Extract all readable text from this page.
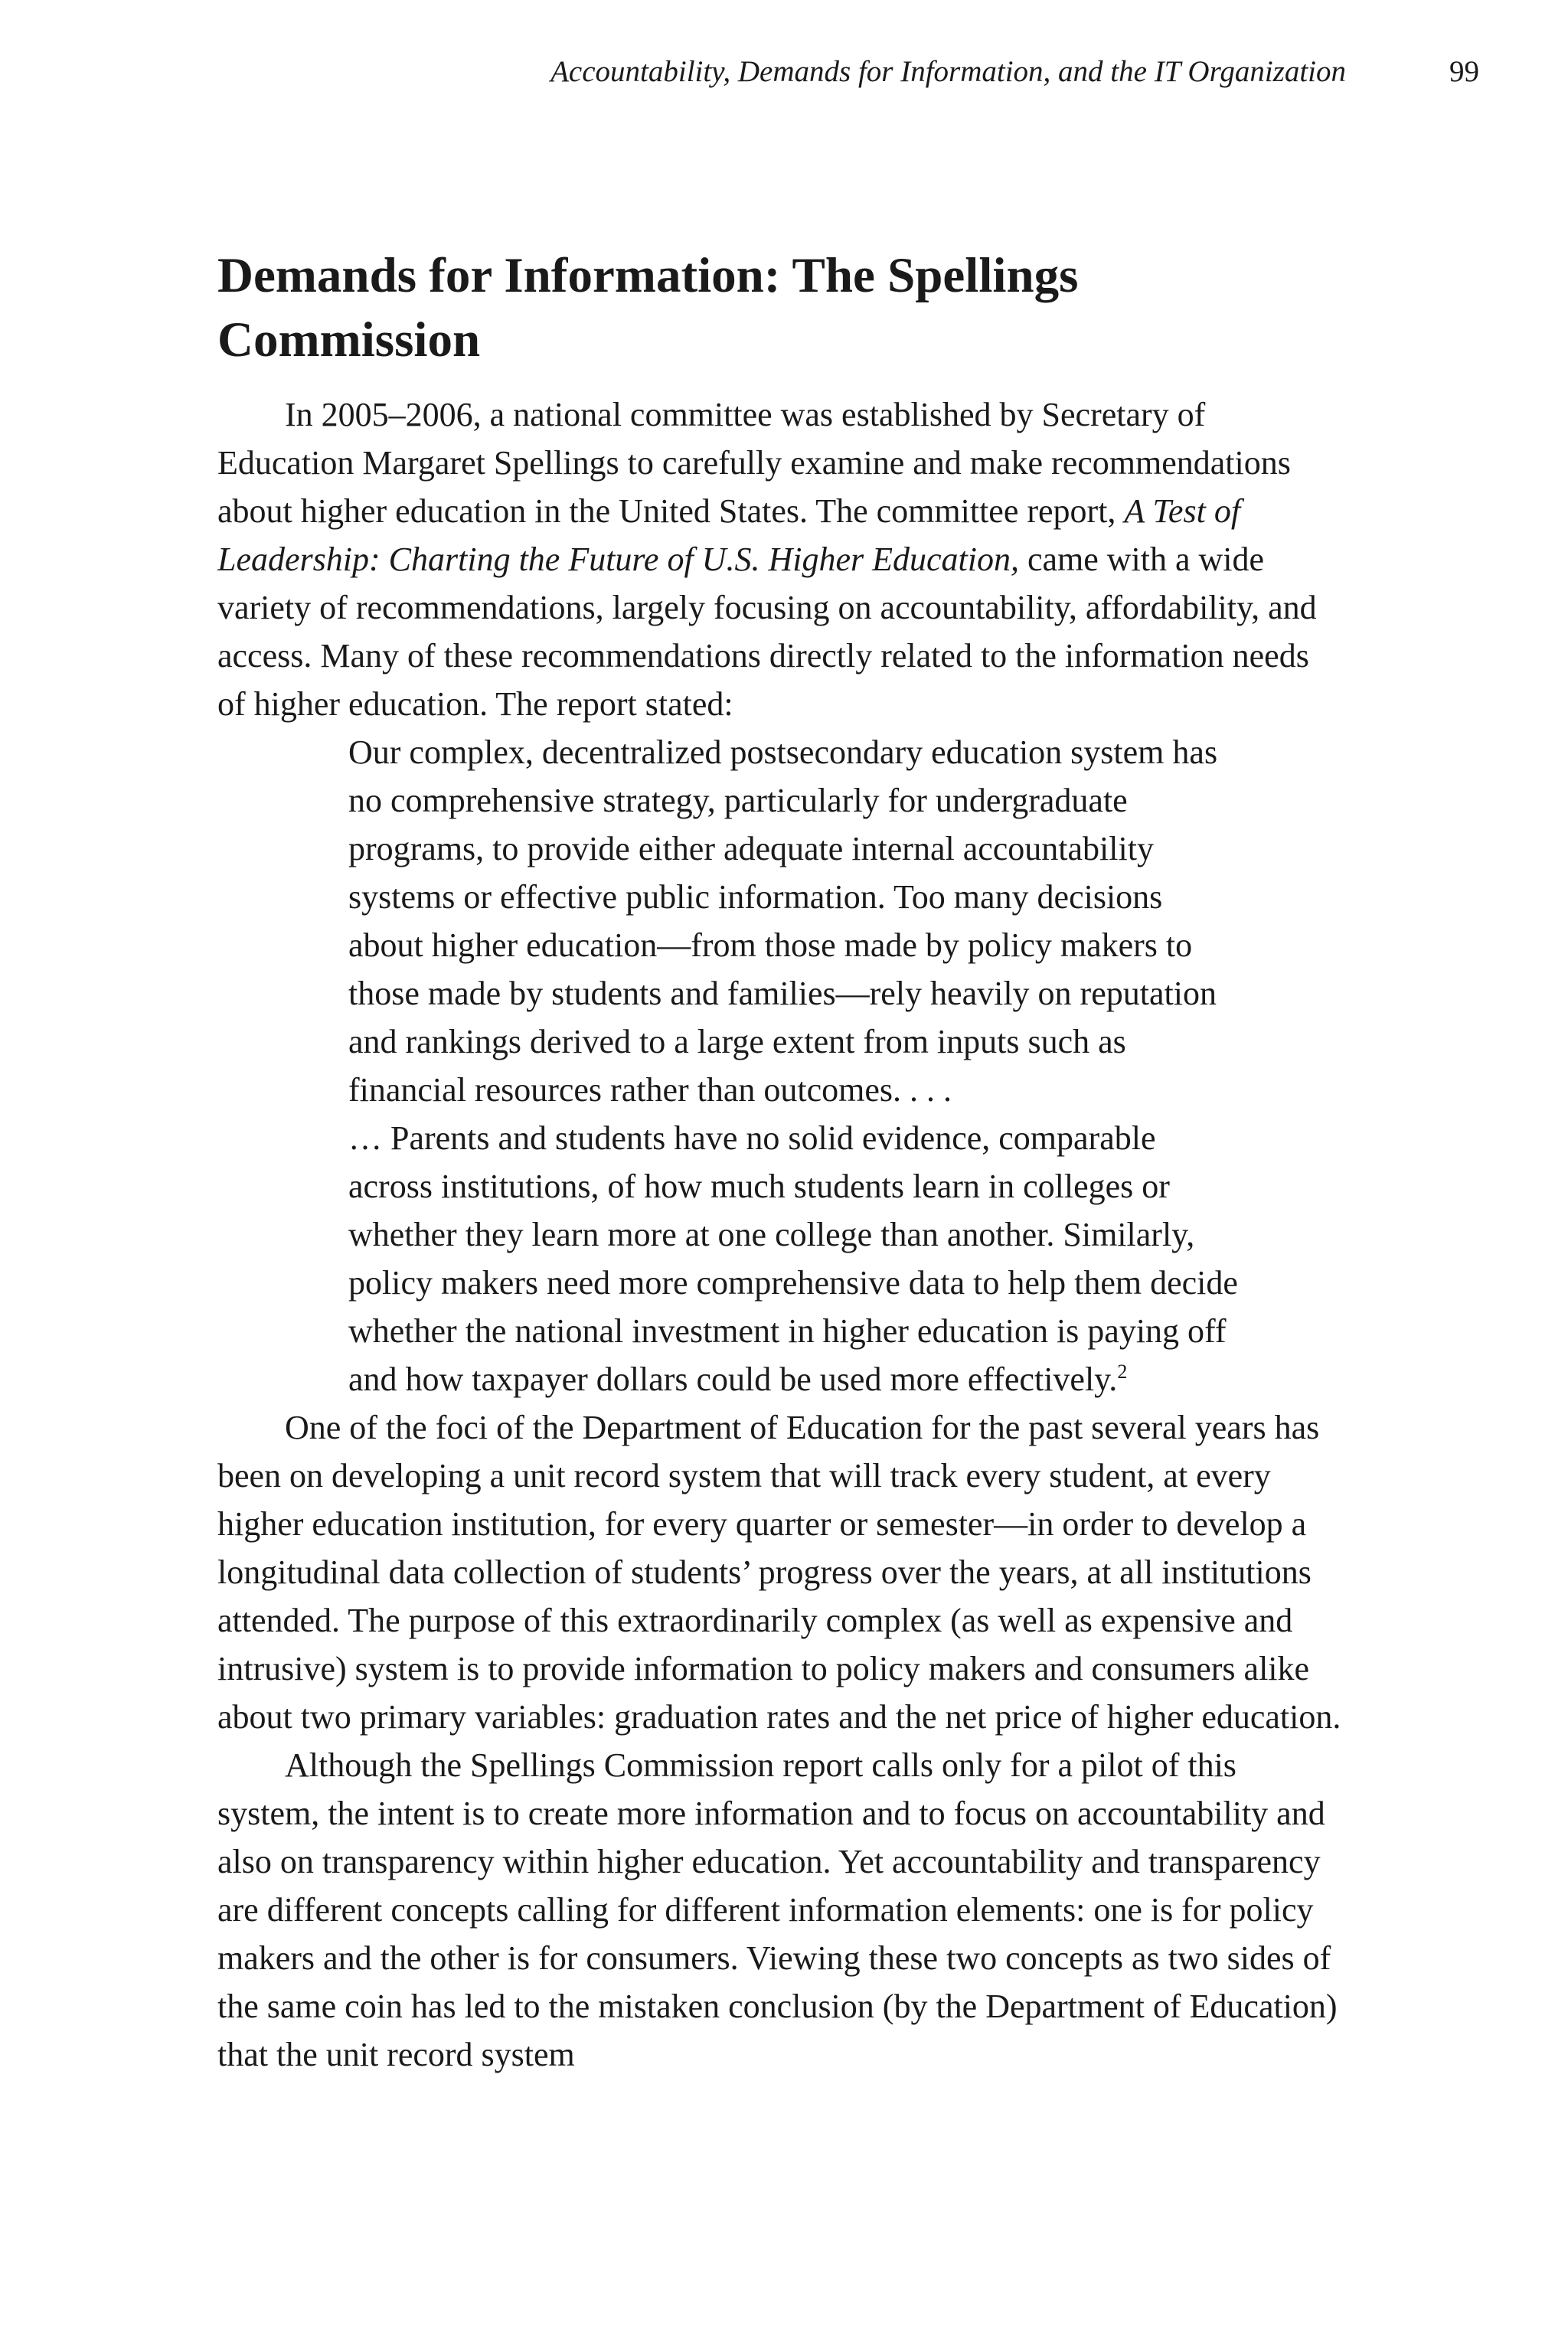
Accountability, Demands for Information, and the IT Organization	99
Demands for Information: The Spellings Commission

In 2005–2006, a national committee was established by Secretary of Education Margaret Spellings to carefully examine and make recommendations about higher education in the United States. The committee report, A Test of Leadership: Charting the Future of U.S. Higher Education, came with a wide variety of recommendations, largely focusing on accountability, affordability, and access. Many of these recommendations directly related to the information needs of higher education. The report stated:

Our complex, decentralized postsecondary education system has no comprehensive strategy, particularly for undergraduate programs, to provide either adequate internal accountability systems or effective public information. Too many decisions about higher education—from those made by policy makers to those made by students and families—rely heavily on reputation and rankings derived to a large extent from inputs such as financial resources rather than outcomes. . . .

… Parents and students have no solid evidence, comparable across institutions, of how much students learn in colleges or whether they learn more at one college than another. Similarly, policy makers need more comprehensive data to help them decide whether the national investment in higher education is paying off and how taxpayer dollars could be used more effectively.$^2$

One of the foci of the Department of Education for the past several years has been on developing a unit record system that will track every student, at every higher education institution, for every quarter or semester—in order to develop a longitudinal data collection of students’ progress over the years, at all institutions attended. The purpose of this extraordinarily complex (as well as expensive and intrusive) system is to provide information to policy makers and consumers alike about two primary variables: graduation rates and the net price of higher education.

Although the Spellings Commission report calls only for a pilot of this system, the intent is to create more information and to focus on accountability and also on transparency within higher education. Yet accountability and transparency are different concepts calling for different information elements: one is for policy makers and the other is for consumers. Viewing these two concepts as two sides of the same coin has led to the mistaken conclusion (by the Department of Education) that the unit record system
